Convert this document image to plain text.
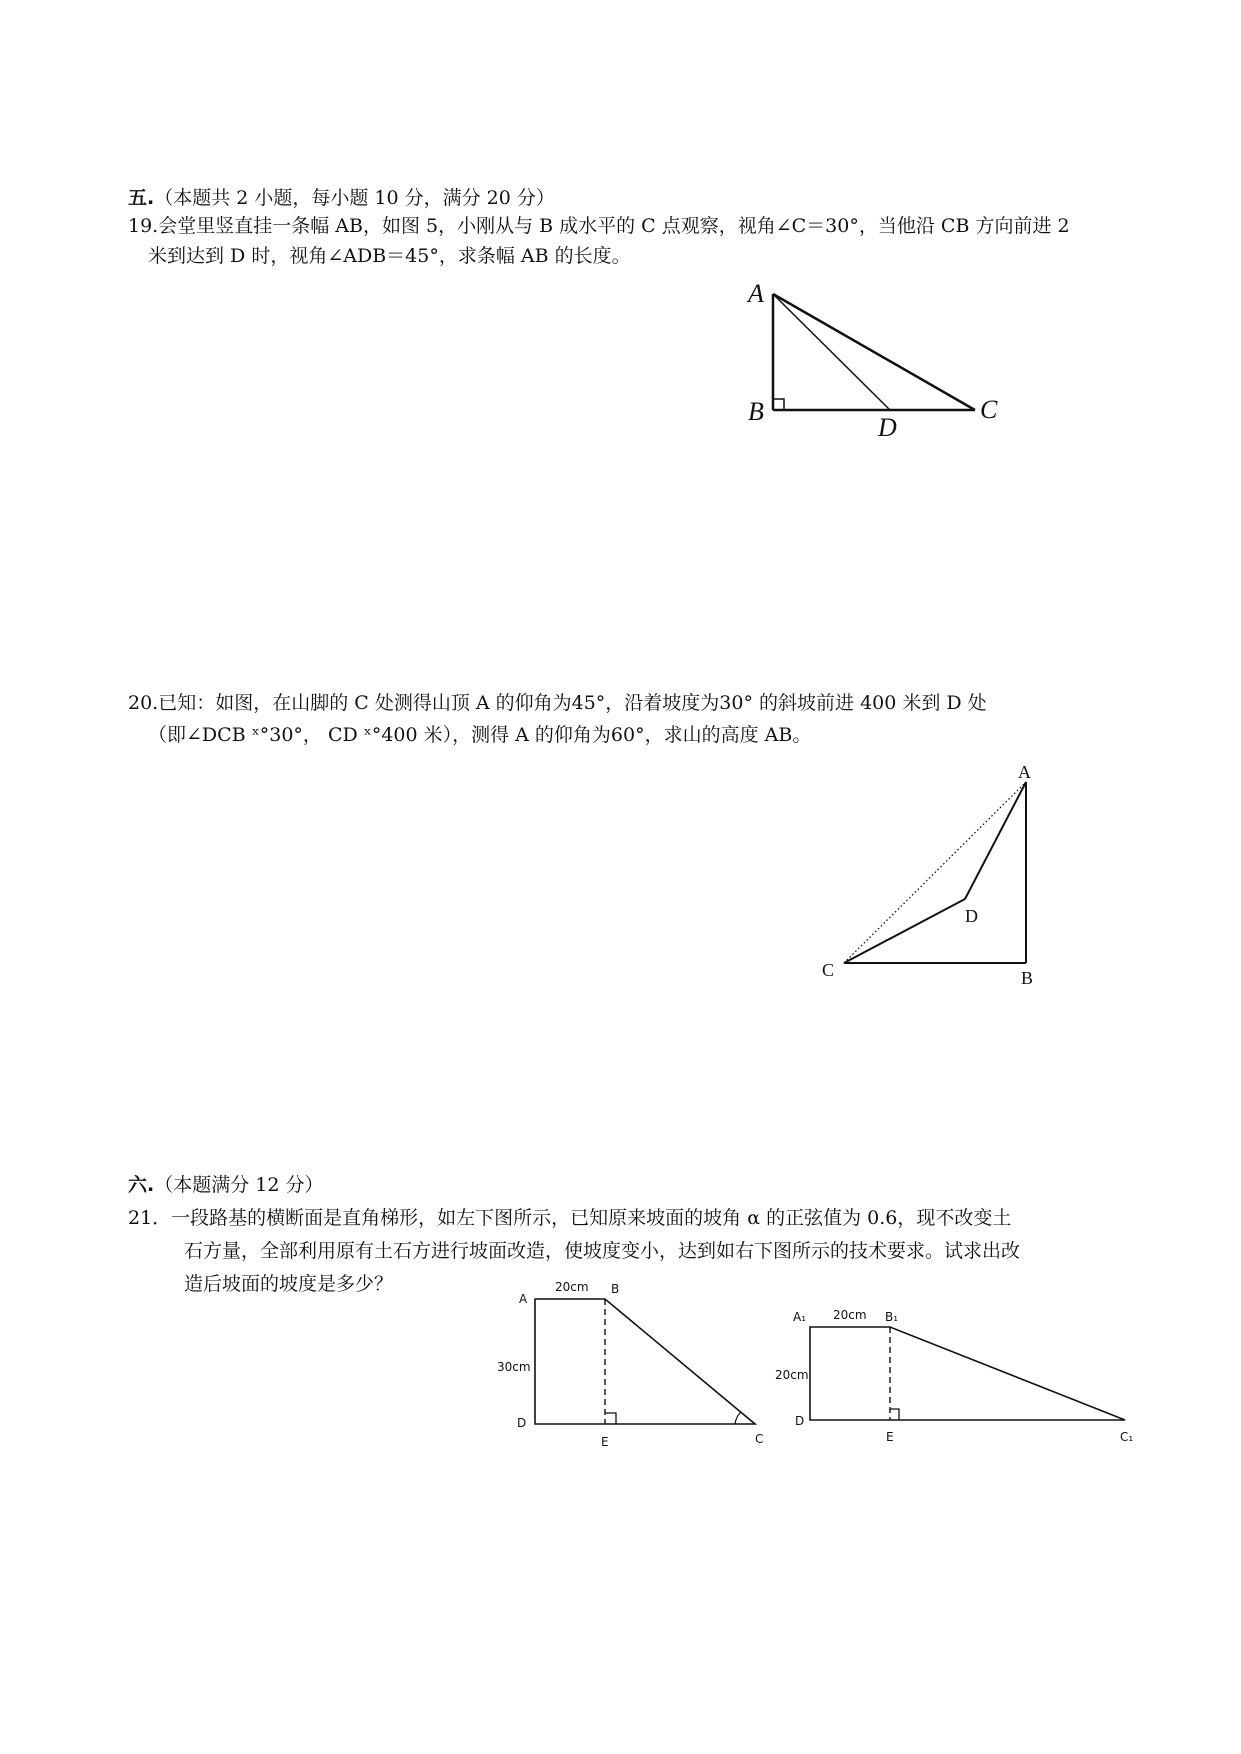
五.（本题共 2 小题，每小题 10 分，满分 20 分）
19.会堂里竖直挂一条幅 AB，如图 5，小刚从与 B 成水平的 C 点观察，视角∠C＝30°，当他沿 CB 方向前进 2
米到达到 D 时，视角∠ADB＝45°，求条幅 AB 的长度。
A
B	C
D
20.已知：如图，在山脚的 C 处测得山顶 A 的仰角为45°，沿着坡度为30° 的斜坡前进 400 米到 D 处
（即∠DCB ˣ°30°， CD ˣ°400 米），测得 A 的仰角为60°，求山的高度 AB。
A
B
C
D
六.（本题满分 12 分）
21．一段路基的横断面是直角梯形，如左下图所示，已知原来坡面的坡角 α 的正弦值为 0.6，现不改变土
石方量，全部利用原有土石方进行坡面改造，使坡度变小，达到如右下图所示的技术要求。试求出改
造后坡面的坡度是多少？
A
B
C
D
E
20cm
30cm
A₁	B₁
C₁
D
E
20cm
20cm
